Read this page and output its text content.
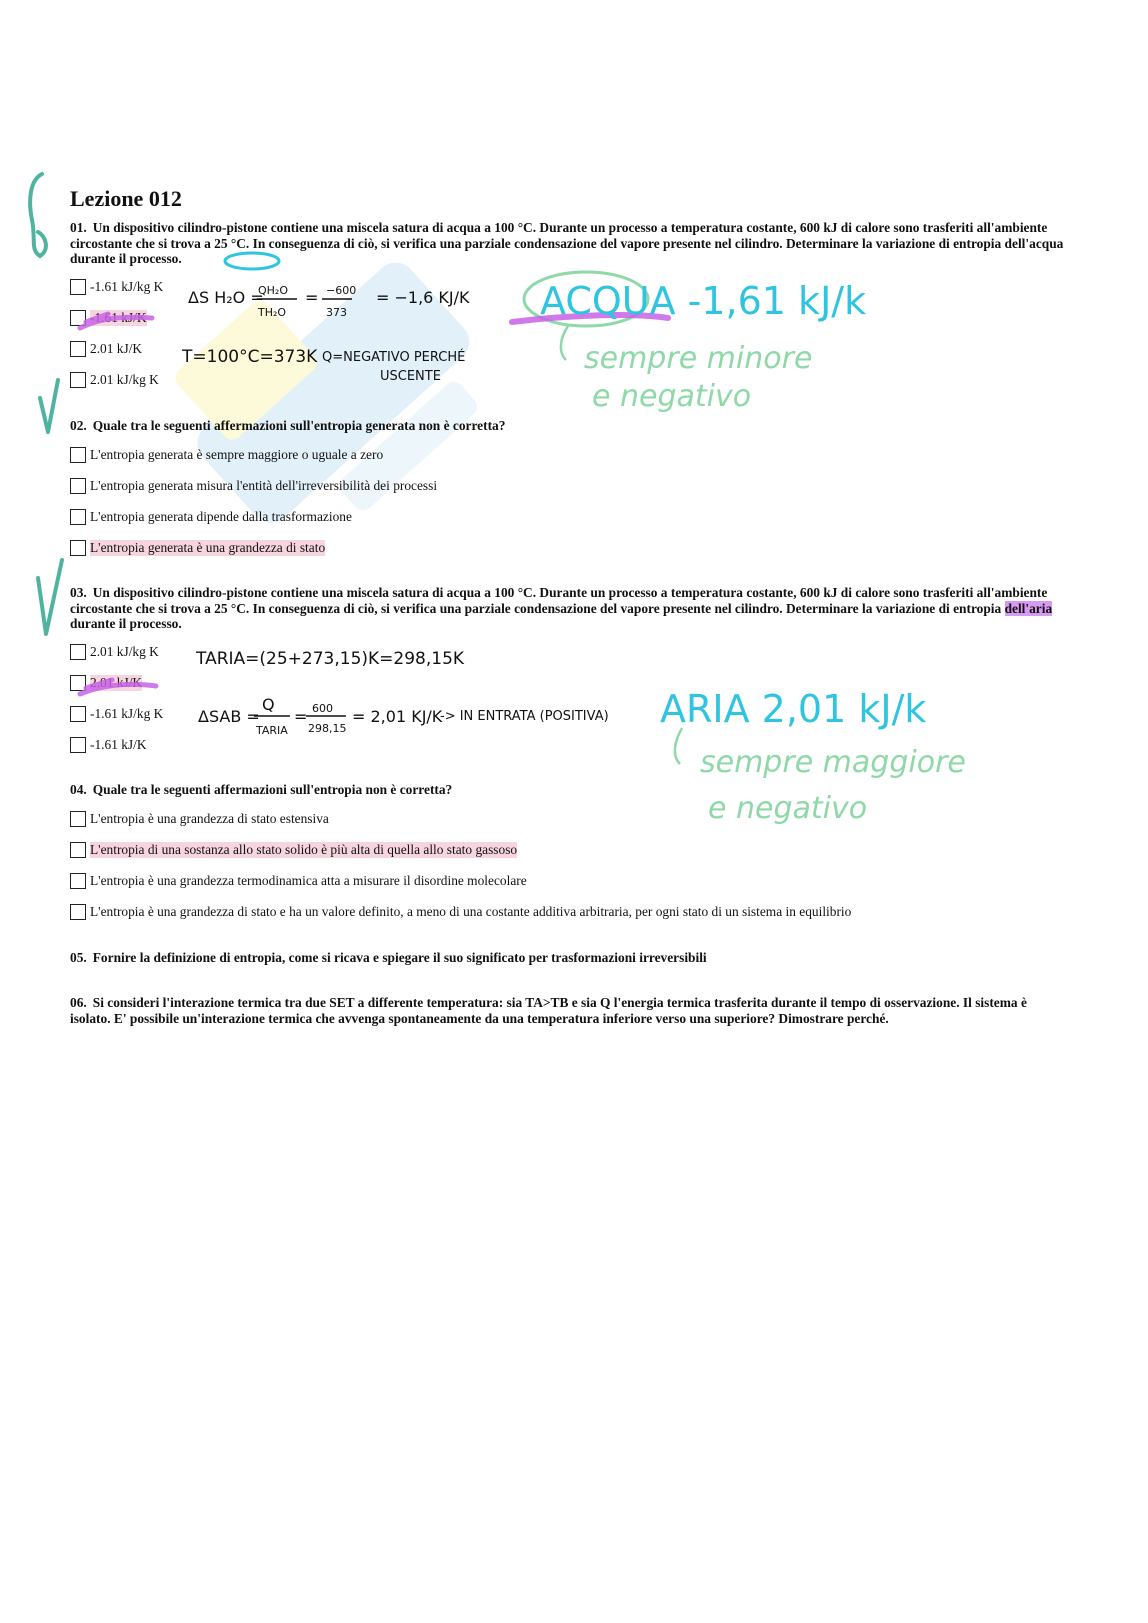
Lezione 012
01. Un dispositivo cilindro-pistone contiene una miscela satura di acqua a 100 °C. Durante un processo a temperatura costante, 600 kJ di calore sono trasferiti all'ambiente circostante che si trova a 25 °C. In conseguenza di ciò, si verifica una parziale condensazione del vapore presente nel cilindro. Determinare la variazione di entropia dell'acqua durante il processo.
-1.61 kJ/kg K
-1.61 kJ/K
2.01 kJ/K
2.01 kJ/kg K
02. Quale tra le seguenti affermazioni sull'entropia generata non è corretta?
L'entropia generata è sempre maggiore o uguale a zero
L'entropia generata misura l'entità dell'irreversibilità dei processi
L'entropia generata dipende dalla trasformazione
L'entropia generata è una grandezza di stato
03. Un dispositivo cilindro-pistone contiene una miscela satura di acqua a 100 °C. Durante un processo a temperatura costante, 600 kJ di calore sono trasferiti all'ambiente circostante che si trova a 25 °C. In conseguenza di ciò, si verifica una parziale condensazione del vapore presente nel cilindro. Determinare la variazione di entropia dell'aria durante il processo.
2.01 kJ/kg K
2.01 kJ/K
-1.61 kJ/kg K
-1.61 kJ/K
04. Quale tra le seguenti affermazioni sull'entropia non è corretta?
L'entropia è una grandezza di stato estensiva
L'entropia di una sostanza allo stato solido è più alta di quella allo stato gassoso
L'entropia è una grandezza termodinamica atta a misurare il disordine molecolare
L'entropia è una grandezza di stato e ha un valore definito, a meno di una costante additiva arbitraria, per ogni stato di un sistema in equilibrio
05. Fornire la definizione di entropia, come si ricava e spiegare il suo significato per trasformazioni irreversibili
06. Si consideri l'interazione termica tra due SET a differente temperatura: sia TA>TB e sia Q l'energia termica trasferita durante il tempo di osservazione. Il sistema è isolato. E' possibile un'interazione termica che avvenga spontaneamente da una temperatura inferiore verso una superiore? Dimostrare perché.
ΔS H₂O =
QH₂O
TH₂O
= −600
373
= −1,6 KJ/K
T=100°C=373K Q=NEGATIVO PERCHÉ
USCENTE
ACQUA -1,61 kJ/k
sempre minore
e negativo
TARIA=(25+273,15)K=298,15K
ΔSAB =
Q
TARIA
= 600
298,15
= 2,01 KJ/K
-> IN ENTRATA (POSITIVA) ARIA 2,01 kJ/k
sempre maggiore
e negativo
